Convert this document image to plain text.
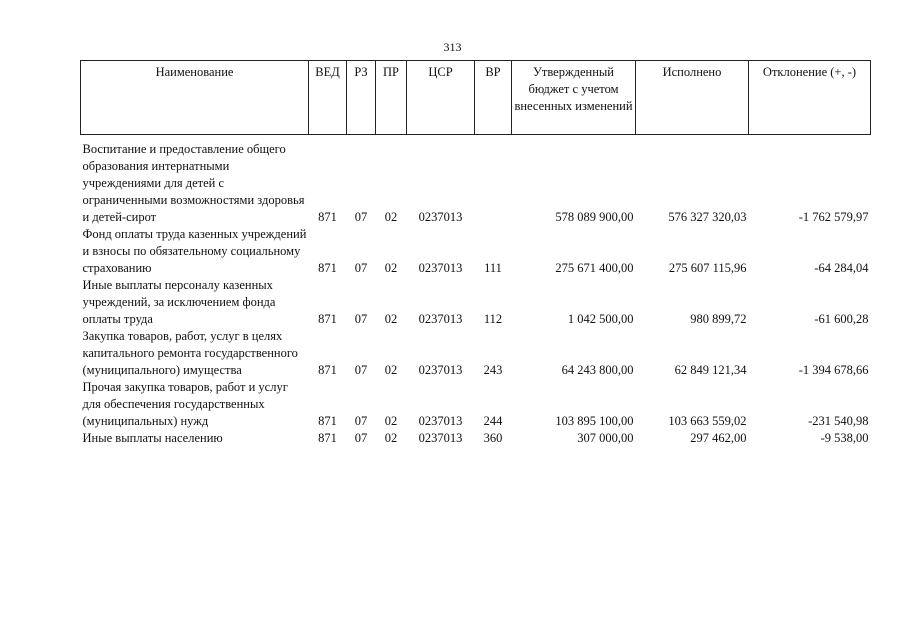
313
Наименование	ВЕД	РЗ	ПР	ЦСР	ВР	Утвержденный бюджет с учетом внесенных изменений	Исполнено	Отклонение (+, -)

Воспитание и предоставление общего образования интернатными учреждениями для детей с ограниченными возможностями здоровья и детей-сирот	871	07	02	0237013		578 089 900,00	576 327 320,03	-1 762 579,97
Фонд оплаты труда казенных учреждений и взносы по обязательному социальному страхованию	871	07	02	0237013	111	275 671 400,00	275 607 115,96	-64 284,04
Иные выплаты персоналу казенных учреждений, за исключением фонда оплаты труда	871	07	02	0237013	112	1 042 500,00	980 899,72	-61 600,28
Закупка товаров, работ, услуг в целях капитального ремонта государственного (муниципального) имущества	871	07	02	0237013	243	64 243 800,00	62 849 121,34	-1 394 678,66
Прочая закупка товаров, работ и услуг для обеспечения государственных (муниципальных) нужд	871	07	02	0237013	244	103 895 100,00	103 663 559,02	-231 540,98
Иные выплаты населению	871	07	02	0237013	360	307 000,00	297 462,00	-9 538,00
